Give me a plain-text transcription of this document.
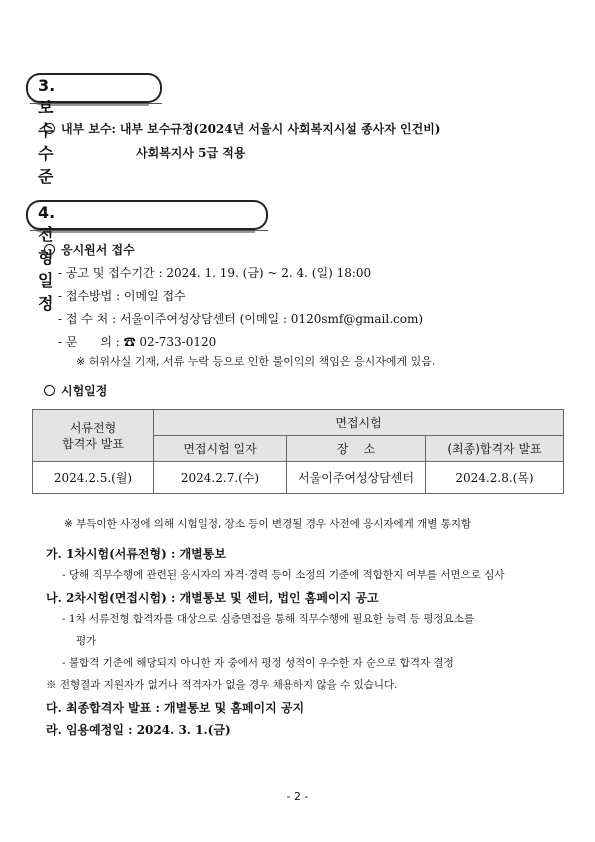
3. 보수 수준
내부 보수: 내부 보수규정(2024년 서울시 사회복지시설 종사자 인건비)
사회복지사 5급 적용
4. 전형 일정
응시원서 접수
- 공고 및 접수기간 : 2024. 1. 19. (금) ~ 2. 4. (일) 18:00
- 접수방법 : 이메일 접수
- 접 수 처 : 서울이주여성상담센터 (이메일 : 0120smf@gmail.com)
- 문      의 : ☎ 02-733-0120
※ 허위사실 기재, 서류 누락 등으로 인한 불이익의 책임은 응시자에게 있음.
시험일정
서류전형
합격자 발표	면접시험		
	면접시험 일자	장    소	(최종)합격자 발표
2024.2.5.(월)	2024.2.7.(수)	서울이주여성상담센터	2024.2.8.(목)
※ 부득이한 사정에 의해 시험일정, 장소 등이 변경될 경우 사전에 응시자에게 개별 통지함
가. 1차시험(서류전형) : 개별통보
- 당해 직무수행에 관련된 응시자의 자격·경력 등이 소정의 기준에 적합한지 여부를 서면으로 심사
나. 2차시험(면접시험) : 개별통보 및 센터, 법인 홈페이지 공고
- 1차 서류전형 합격자를 대상으로 심층면접을 통해 직무수행에 필요한 능력 등 평정요소를
평가
- 불합격 기준에 해당되지 아니한 자 중에서 평정 성적이 우수한 자 순으로 합격자 결정
※ 전형결과 지원자가 없거나 적격자가 없을 경우 채용하지 않을 수 있습니다.
다. 최종합격자 발표 : 개별통보 및 홈페이지 공지
라. 임용예정일 : 2024. 3. 1.(금)
- 2 -
